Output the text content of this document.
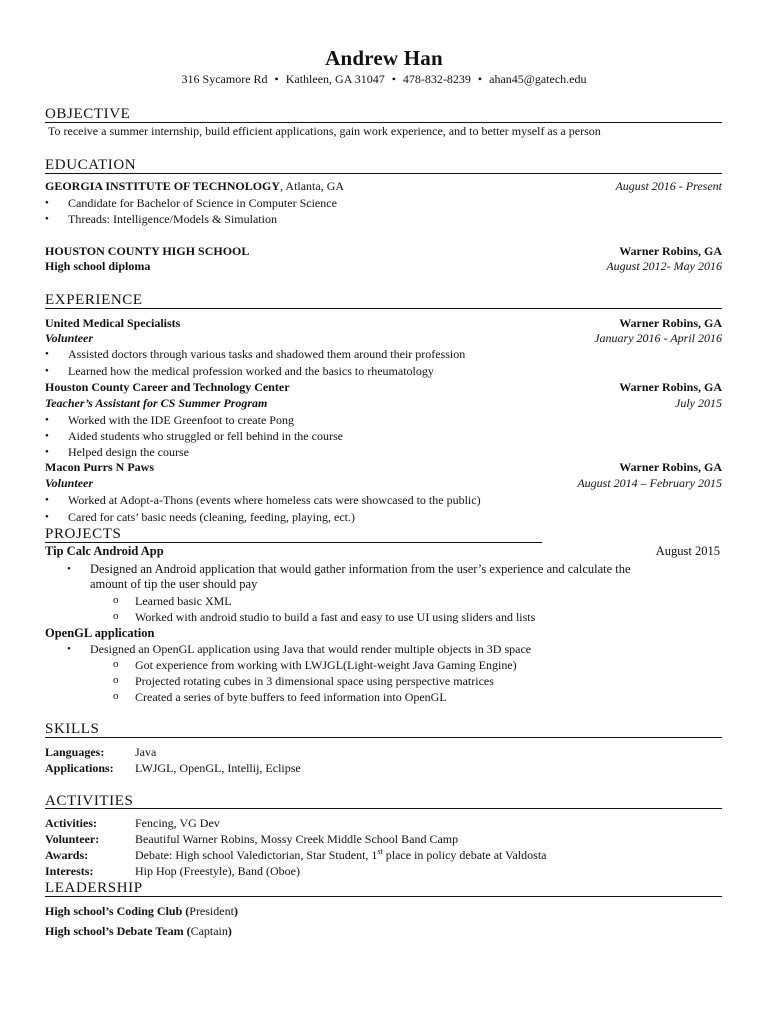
Andrew Han
316 Sycamore Rd • Kathleen, GA 31047 • 478-832-8239 • ahan45@gatech.edu
OBJECTIVE
To receive a summer internship, build efficient applications, gain work experience, and to better myself as a person
EDUCATION
GEORGIA INSTITUTE OF TECHNOLOGY, Atlanta, GA	August 2016 - Present
• Candidate for Bachelor of Science in Computer Science
• Threads: Intelligence/Models & Simulation
HOUSTON COUNTY HIGH SCHOOL	Warner Robins, GA
High school diploma	August 2012- May 2016
EXPERIENCE
United Medical Specialists	Warner Robins, GA
Volunteer	January 2016 - April 2016
• Assisted doctors through various tasks and shadowed them around their profession
• Learned how the medical profession worked and the basics to rheumatology
Houston County Career and Technology Center	Warner Robins, GA
Teacher’s Assistant for CS Summer Program	July 2015
• Worked with the IDE Greenfoot to create Pong
• Aided students who struggled or fell behind in the course
• Helped design the course
Macon Purrs N Paws	Warner Robins, GA
Volunteer	August 2014 – February 2015
• Worked at Adopt-a-Thons (events where homeless cats were showcased to the public)
• Cared for cats’ basic needs (cleaning, feeding, playing, ect.)
PROJECTS
Tip Calc Android App	August 2015
• Designed an Android application that would gather information from the user’s experience and calculate the
amount of tip the user should pay
o Learned basic XML
o Worked with android studio to build a fast and easy to use UI using sliders and lists
OpenGL application
• Designed an OpenGL application using Java that would render multiple objects in 3D space
o Got experience from working with LWJGL(Light-weight Java Gaming Engine)
o Projected rotating cubes in 3 dimensional space using perspective matrices
o Created a series of byte buffers to feed information into OpenGL
SKILLS
Languages:	Java
Applications: LWJGL, OpenGL, Intellij, Eclipse
ACTIVITIES
Activities:	Fencing, VG Dev
Volunteer:	Beautiful Warner Robins, Mossy Creek Middle School Band Camp
Awards:	Debate: High school Valedictorian, Star Student, 1st place in policy debate at Valdosta
Interests:	Hip Hop (Freestyle), Band (Oboe)
LEADERSHIP
High school’s Coding Club (President)
High school’s Debate Team (Captain)
